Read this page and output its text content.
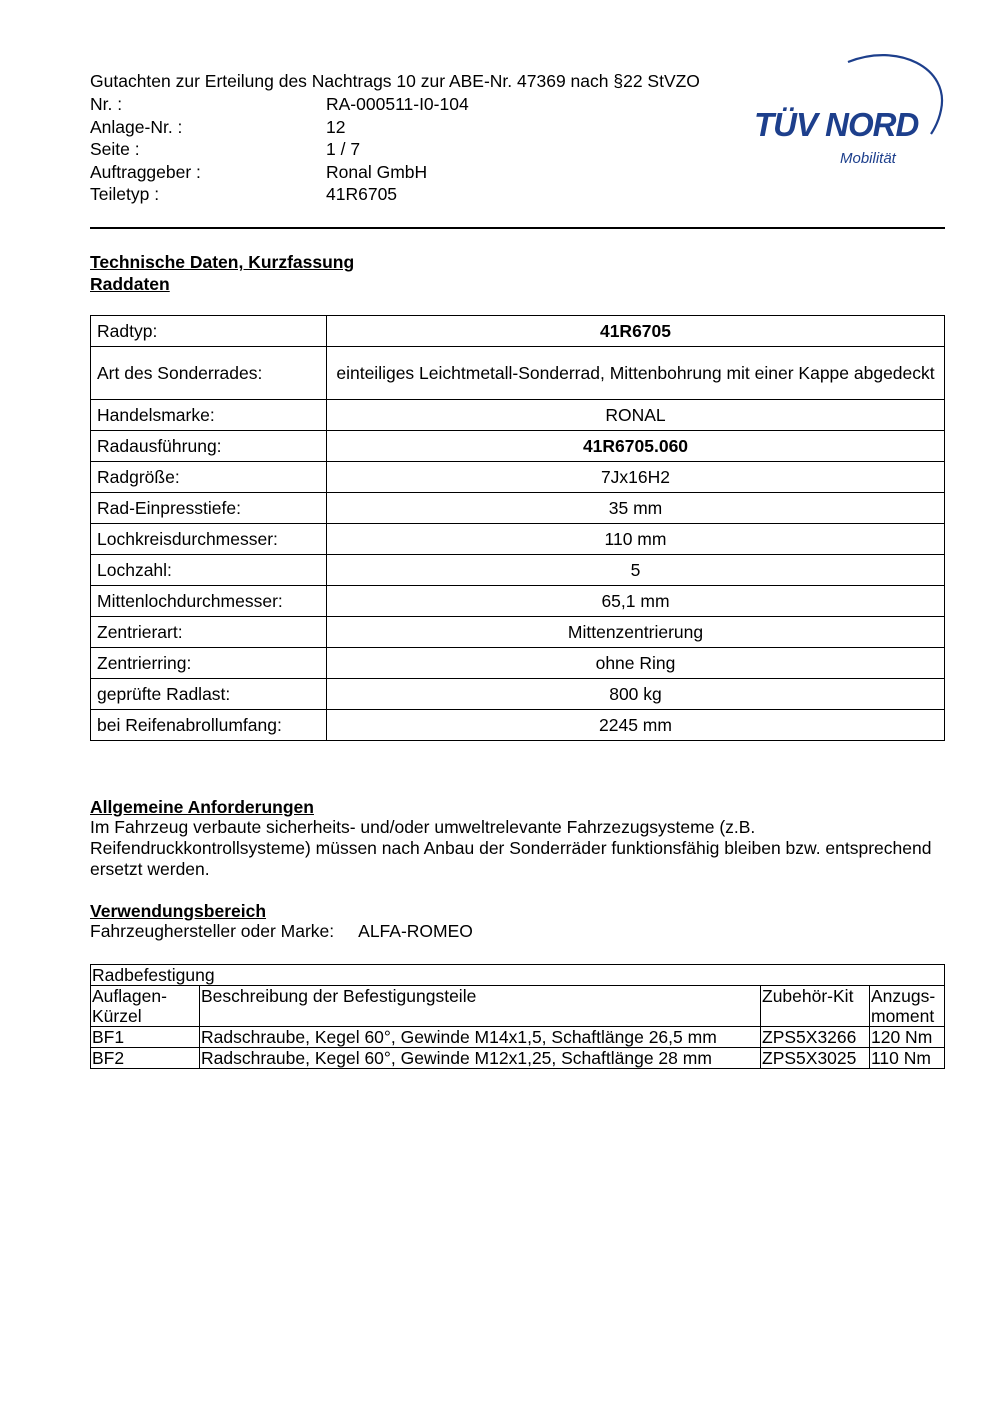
Gutachten zur Erteilung des Nachtrags 10 zur ABE-Nr. 47369 nach §22 StVZO
Nr. :	RA-000511-I0-104
Anlage-Nr. :	12
Seite :	1 / 7
Auftraggeber :	Ronal GmbH
Teiletyp :	41R6705
TÜV NORD
Mobilität
Technische Daten, Kurzfassung
Raddaten
Radtyp:	41R6705
Art des Sonderrades:	einteiliges Leichtmetall-Sonderrad, Mittenbohrung mit einer Kappe abgedeckt
Handelsmarke:	RONAL
Radausführung:	41R6705.060
Radgröße:	7Jx16H2
Rad-Einpresstiefe:	35 mm
Lochkreisdurchmesser:	110 mm
Lochzahl:	5
Mittenlochdurchmesser:	65,1 mm
Zentrierart:	Mittenzentrierung
Zentrierring:	ohne Ring
geprüfte Radlast:	800 kg
bei Reifenabrollumfang:	2245 mm
Allgemeine Anforderungen
Im Fahrzeug verbaute sicherheits- und/oder umweltrelevante Fahrzezugsysteme (z.B. Reifendruckkontrollsysteme) müssen nach Anbau der Sonderräder funktionsfähig bleiben bzw. entsprechend ersetzt werden.
Verwendungsbereich
Fahrzeughersteller oder Marke: ALFA-ROMEO
Radbefestigung			
Auflagen-
Kürzel	Beschreibung der Befestigungsteile	Zubehör-Kit	Anzugs-
moment
BF1	Radschraube, Kegel 60°, Gewinde M14x1,5, Schaftlänge 26,5 mm	ZPS5X3266	120 Nm
BF2	Radschraube, Kegel 60°, Gewinde M12x1,25, Schaftlänge 28 mm	ZPS5X3025	110 Nm
